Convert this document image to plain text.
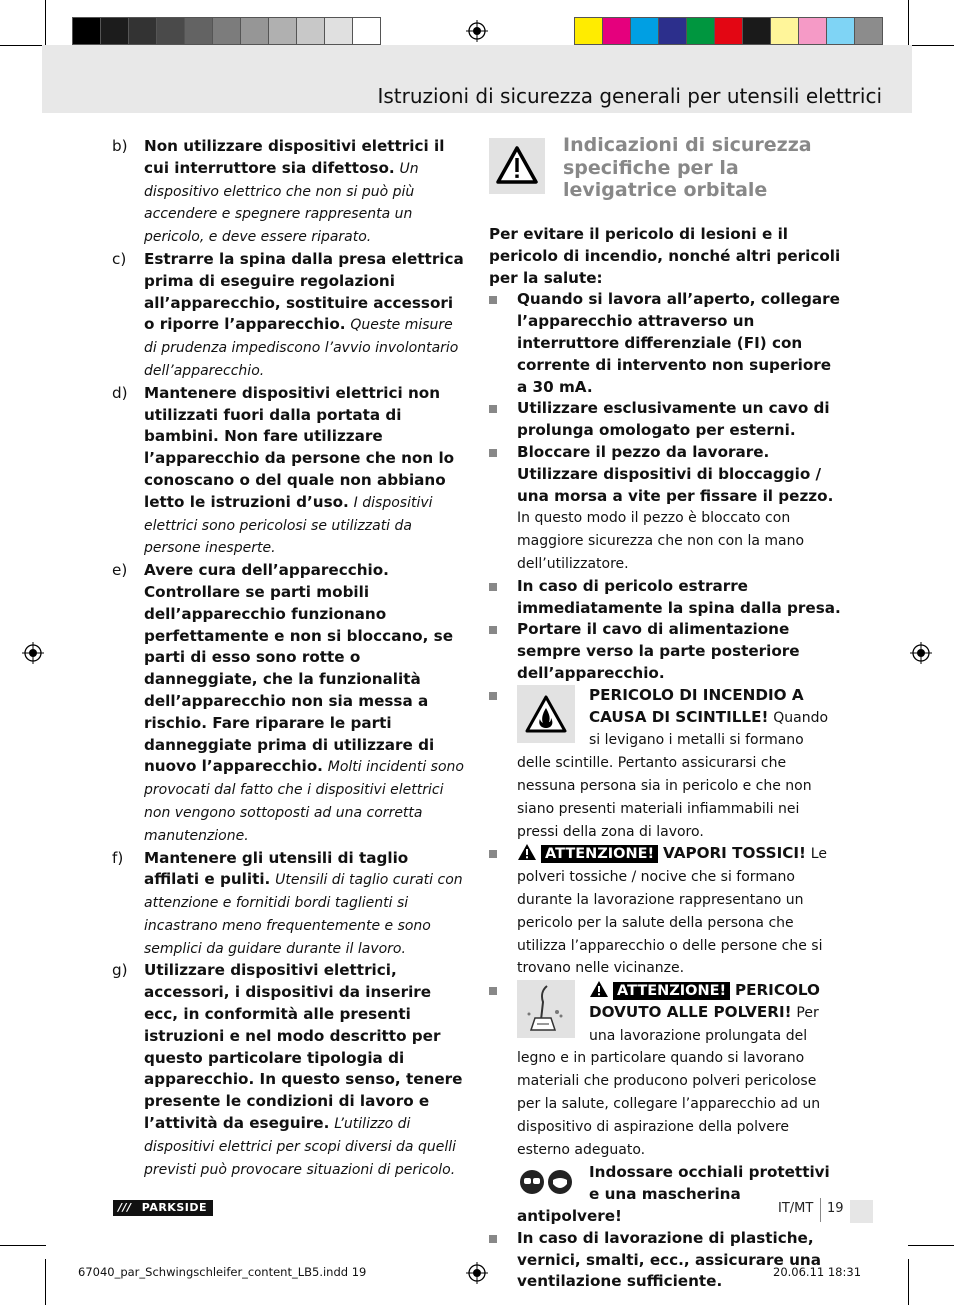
Istruzioni di sicurezza generali per utensili elettrici
b) Non utilizzare dispositivi elettrici il cui interruttore sia difettoso. Un dispositivo elettrico che non si può più accendere e spegnere rappresenta un pericolo, e deve essere riparato.
c) Estrarre la spina dalla presa elettrica prima di eseguire regolazioni all’apparecchio, sostituire accessori o riporre l’apparecchio. Queste misure di prudenza impediscono l’avvio involontario dell’apparecchio.
d) Mantenere dispositivi elettrici non utilizzati fuori dalla portata di bambini. Non fare utilizzare l’apparecchio da persone che non lo conoscano o del quale non abbiano letto le istruzioni d’uso. I dispositivi elettrici sono pericolosi se utilizzati da persone inesperte.
e) Avere cura dell’apparecchio. Controllare se parti mobili dell’apparecchio funzionano perfettamente e non si bloccano, se parti di esso sono rotte o danneggiate, che la funzionalità dell’apparecchio non sia messa a rischio. Fare riparare le parti danneggiate prima di utilizzare di nuovo l’apparecchio. Molti incidenti sono provocati dal fatto che i dispositivi elettrici non vengono sottoposti ad una corretta manutenzione.
f) Mantenere gli utensili di taglio affilati e puliti. Utensili di taglio curati con attenzione e fornitidi bordi taglienti si incastrano meno frequentemente e sono semplici da guidare durante il lavoro.
g) Utilizzare dispositivi elettrici, accessori, i dispositivi da inserire ecc, in conformità alle presenti istruzioni e nel modo descritto per questo particolare tipologia di apparecchio. In questo senso, tenere presente le condizioni di lavoro e l’attività da eseguire. L’utilizzo di dispositivi elettrici per scopi diversi da quelli previsti può provocare situazioni di pericolo.
Indicazioni di sicurezza specifiche per la levigatrice orbitale
Per evitare il pericolo di lesioni e il pericolo di incendio, nonché altri pericoli per la salute:
Quando si lavora all’aperto, collegare l’apparecchio attraverso un interruttore differenziale (FI) con corrente di intervento non superiore a 30 mA.
Utilizzare esclusivamente un cavo di prolunga omologato per esterni.
Bloccare il pezzo da lavorare. Utilizzare dispositivi di bloccaggio / una morsa a vite per fissare il pezzo. In questo modo il pezzo è bloccato con maggiore sicurezza che non con la mano dell’utilizzatore.
In caso di pericolo estrarre immediatamente la spina dalla presa.
Portare il cavo di alimentazione sempre verso la parte posteriore dell’apparecchio.
PERICOLO DI INCENDIO A CAUSA DI SCINTILLE! Quando si levigano i metalli si formano delle scintille. Pertanto assicurarsi che nessuna persona sia in pericolo e che non siano presenti materiali infiammabili nei pressi della zona di lavoro.
ATTENZIONE! VAPORI TOSSICI! Le polveri tossiche / nocive che si formano durante la lavorazione rappresentano un pericolo per la salute della persona che utilizza l’apparecchio o delle persone che si trovano nelle vicinanze.
ATTENZIONE! PERICOLO DOVUTO ALLE POLVERI! Per una lavorazione prolungata del legno e in particolare quando si lavorano materiali che producono polveri pericolose per la salute, collegare l’apparecchio ad un dispositivo di aspirazione della polvere esterno adeguato.
Indossare occhiali protettivi e una mascherina antipolvere!
In caso di lavorazione di plastiche, vernici, smalti, ecc., assicurare una ventilazione sufficiente.
/// PARKSIDE	IT/MT 19
67040_par_Schwingschleifer_content_LB5.indd 19	20.06.11 18:31
